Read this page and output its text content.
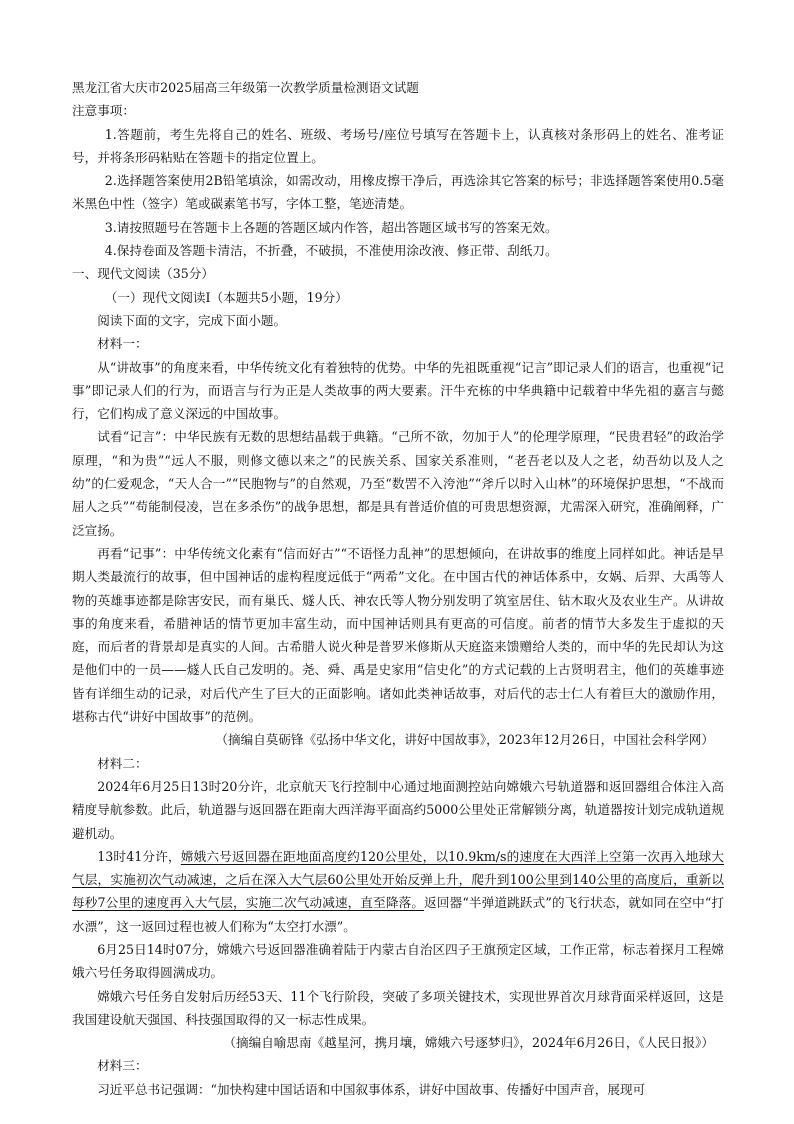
黑龙江省大庆市2025届高三年级第一次教学质量检测语文试题
注意事项：
1.答题前，考生先将自己的姓名、班级、考场号/座位号填写在答题卡上，认真核对条形码上的姓名、准考证号，并将条形码粘贴在答题卡的指定位置上。
2.选择题答案使用2B铅笔填涂，如需改动，用橡皮擦干净后，再选涂其它答案的标号；非选择题答案使用0.5毫米黑色中性（签字）笔或碳素笔书写，字体工整，笔迹清楚。
3.请按照题号在答题卡上各题的答题区域内作答，超出答题区域书写的答案无效。
4.保持卷面及答题卡清洁，不折叠，不破损，不准使用涂改液、修正带、刮纸刀。
一、现代文阅读（35分）
（一）现代文阅读Ⅰ（本题共5小题，19分）
阅读下面的文字，完成下面小题。
材料一：
从“讲故事”的角度来看，中华传统文化有着独特的优势。中华的先祖既重视“记言”即记录人们的语言，也重视“记事”即记录人们的行为，而语言与行为正是人类故事的两大要素。汗牛充栋的中华典籍中记载着中华先祖的嘉言与懿行，它们构成了意义深远的中国故事。
试看“记言”：中华民族有无数的思想结晶载于典籍。“己所不欲，勿加于人”的伦理学原理，“民贵君轻”的政治学原理，“和为贵”“远人不服，则修文德以来之”的民族关系、国家关系准则，“老吾老以及人之老，幼吾幼以及人之幼”的仁爱观念，“天人合一”“民胞物与”的自然观，乃至“数罟不入洿池”“斧斤以时入山林”的环境保护思想，“不战而屈人之兵”“苟能制侵凌，岂在多杀伤”的战争思想，都是具有普适价值的可贵思想资源，尤需深入研究，准确阐释，广泛宣扬。
再看“记事”：中华传统文化素有“信而好古”“不语怪力乱神”的思想倾向，在讲故事的维度上同样如此。神话是早期人类最流行的故事，但中国神话的虚构程度远低于“两希”文化。在中国古代的神话体系中，女娲、后羿、大禹等人物的英雄事迹都是除害安民，而有巢氏、燧人氏、神农氏等人物分别发明了筑室居住、钻木取火及农业生产。从讲故事的角度来看，希腊神话的情节更加丰富生动，而中国神话则具有更高的可信度。前者的情节大多发生于虚拟的天庭，而后者的背景却是真实的人间。古希腊人说火种是普罗米修斯从天庭盗来馈赠给人类的，而中华的先民却认为这是他们中的一员——燧人氏自己发明的。尧、舜、禹是史家用“信史化”的方式记载的上古贤明君主，他们的英雄事迹皆有详细生动的记录，对后代产生了巨大的正面影响。诸如此类神话故事，对后代的志士仁人有着巨大的激励作用，堪称古代“讲好中国故事”的范例。
（摘编自莫砺锋《弘扬中华文化，讲好中国故事》，2023年12月26日，中国社会科学网）
材料二：
2024年6月25日13时20分许，北京航天飞行控制中心通过地面测控站向嫦娥六号轨道器和返回器组合体注入高精度导航参数。此后，轨道器与返回器在距南大西洋海平面高约5000公里处正常解锁分离，轨道器按计划完成轨道规避机动。
13时41分许，嫦娥六号返回器在距地面高度约120公里处，以10.9km/s的速度在大西洋上空第一次再入地球大气层，实施初次气动减速，之后在深入大气层60公里处开始反弹上升，爬升到100公里到140公里的高度后，重新以每秒7公里的速度再入大气层，实施二次气动减速，直至降落。返回器“半弹道跳跃式”的飞行状态，就如同在空中“打水漂”，这一返回过程也被人们称为“太空打水漂”。
6月25日14时07分，嫦娥六号返回器准确着陆于内蒙古自治区四子王旗预定区域，工作正常，标志着探月工程嫦娥六号任务取得圆满成功。
嫦娥六号任务自发射后历经53天、11个飞行阶段，突破了多项关键技术，实现世界首次月球背面采样返回，这是我国建设航天强国、科技强国取得的又一标志性成果。
（摘编自喻思南《越星河，携月壤，嫦娥六号逐梦归》，2024年6月26日，《人民日报》）
材料三：
习近平总书记强调：“加快构建中国话语和中国叙事体系，讲好中国故事、传播好中国声音，展现可
